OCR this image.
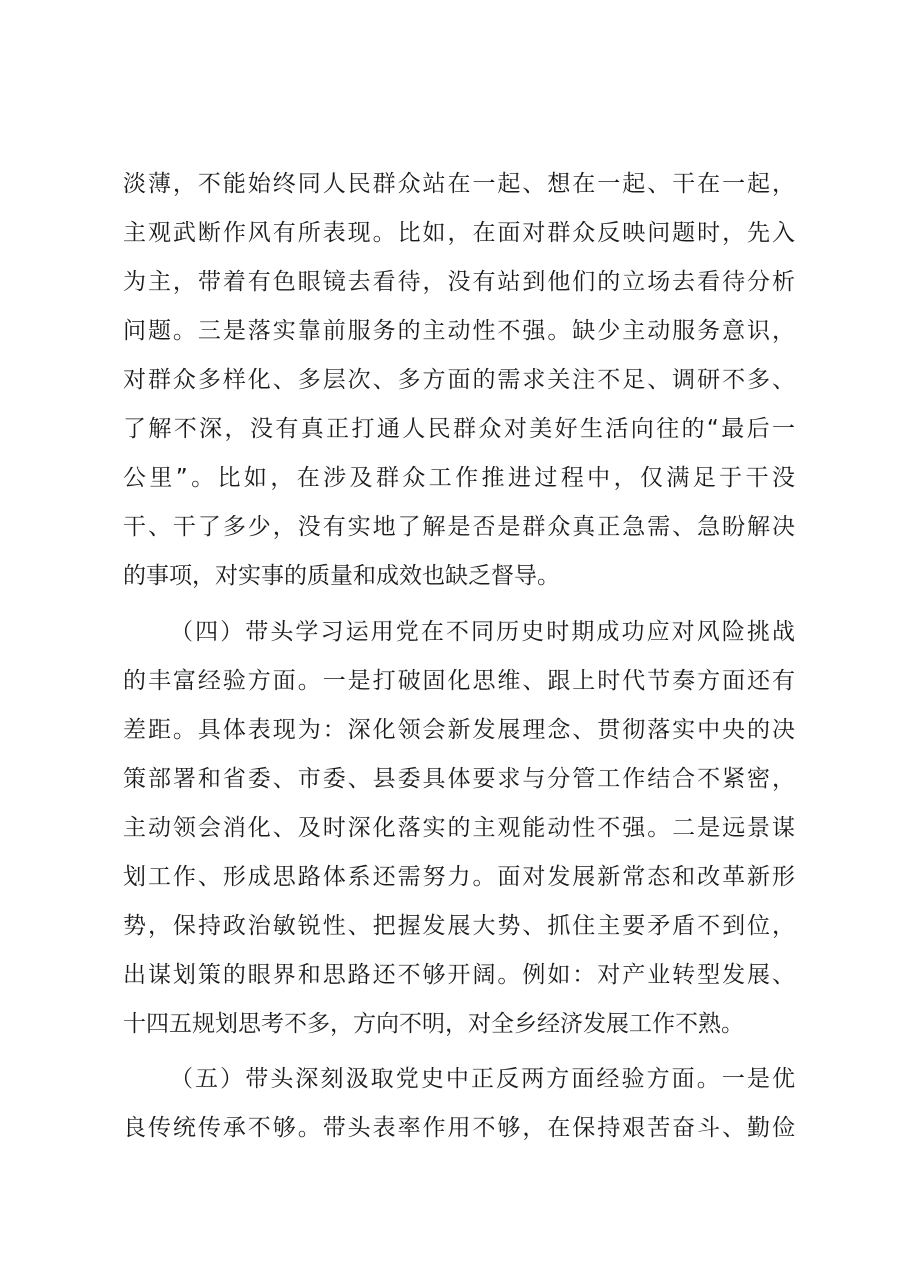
淡薄，不能始终同人民群众站在一起、想在一起、干在一起，
主观武断作风有所表现。比如，在面对群众反映问题时，先入
为主，带着有色眼镜去看待，没有站到他们的立场去看待分析
问题。三是落实靠前服务的主动性不强。缺少主动服务意识，
对群众多样化、多层次、多方面的需求关注不足、调研不多、
了解不深，没有真正打通人民群众对美好生活向往的“最后一
公里”。比如，在涉及群众工作推进过程中，仅满足于干没
干、干了多少，没有实地了解是否是群众真正急需、急盼解决
的事项，对实事的质量和成效也缺乏督导。
（四）带头学习运用党在不同历史时期成功应对风险挑战
的丰富经验方面。一是打破固化思维、跟上时代节奏方面还有
差距。具体表现为：深化领会新发展理念、贯彻落实中央的决
策部署和省委、市委、县委具体要求与分管工作结合不紧密，
主动领会消化、及时深化落实的主观能动性不强。二是远景谋
划工作、形成思路体系还需努力。面对发展新常态和改革新形
势，保持政治敏锐性、把握发展大势、抓住主要矛盾不到位，
出谋划策的眼界和思路还不够开阔。例如：对产业转型发展、
十四五规划思考不多，方向不明，对全乡经济发展工作不熟。
（五）带头深刻汲取党史中正反两方面经验方面。一是优
良传统传承不够。带头表率作用不够，在保持艰苦奋斗、勤俭
